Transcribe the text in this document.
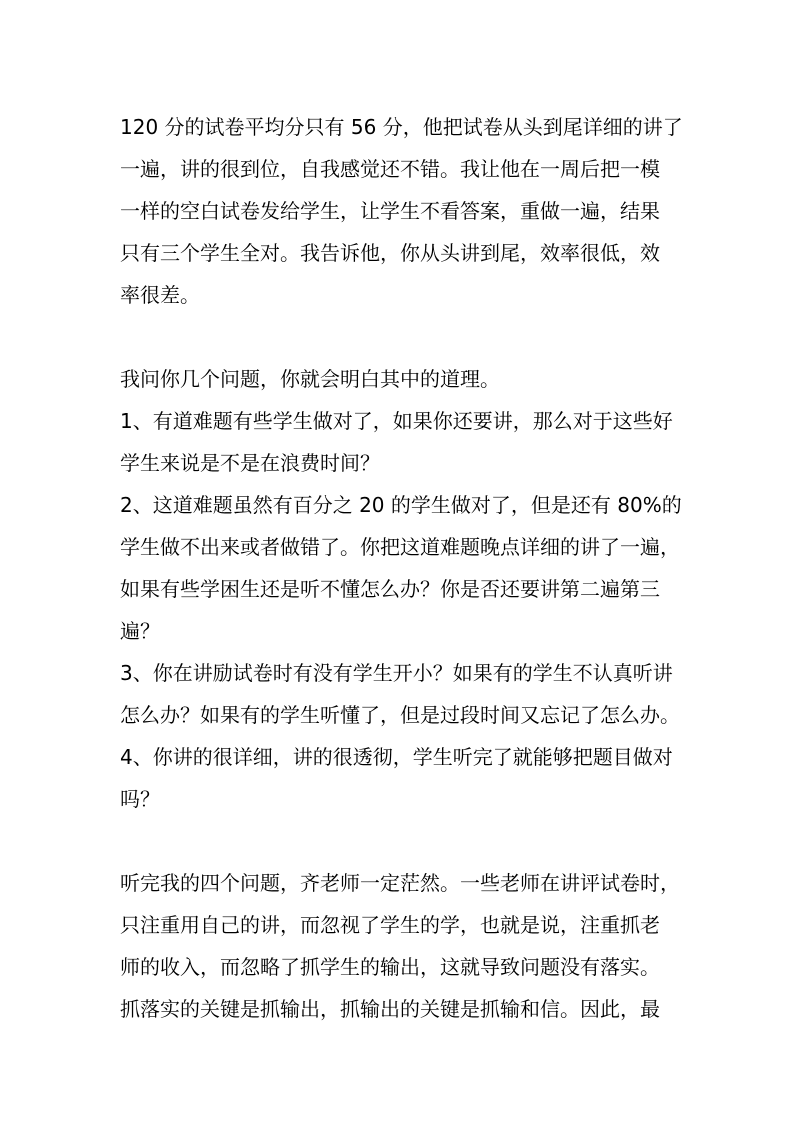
120 分的试卷平均分只有 56 分，他把试卷从头到尾详细的讲了
一遍，讲的很到位，自我感觉还不错。我让他在一周后把一模
一样的空白试卷发给学生，让学生不看答案，重做一遍，结果
只有三个学生全对。我告诉他，你从头讲到尾，效率很低，效
率很差。
我问你几个问题，你就会明白其中的道理。
1、有道难题有些学生做对了，如果你还要讲，那么对于这些好
学生来说是不是在浪费时间？
2、这道难题虽然有百分之 20 的学生做对了，但是还有 80%的
学生做不出来或者做错了。你把这道难题晚点详细的讲了一遍，
如果有些学困生还是听不懂怎么办？你是否还要讲第二遍第三
遍？
3、你在讲励试卷时有没有学生开小？如果有的学生不认真听讲
怎么办？如果有的学生听懂了，但是过段时间又忘记了怎么办。
4、你讲的很详细，讲的很透彻，学生听完了就能够把题目做对
吗？
听完我的四个问题，齐老师一定茫然。一些老师在讲评试卷时，
只注重用自己的讲，而忽视了学生的学，也就是说，注重抓老
师的收入，而忽略了抓学生的输出，这就导致问题没有落实。
抓落实的关键是抓输出，抓输出的关键是抓输和信。因此，最
